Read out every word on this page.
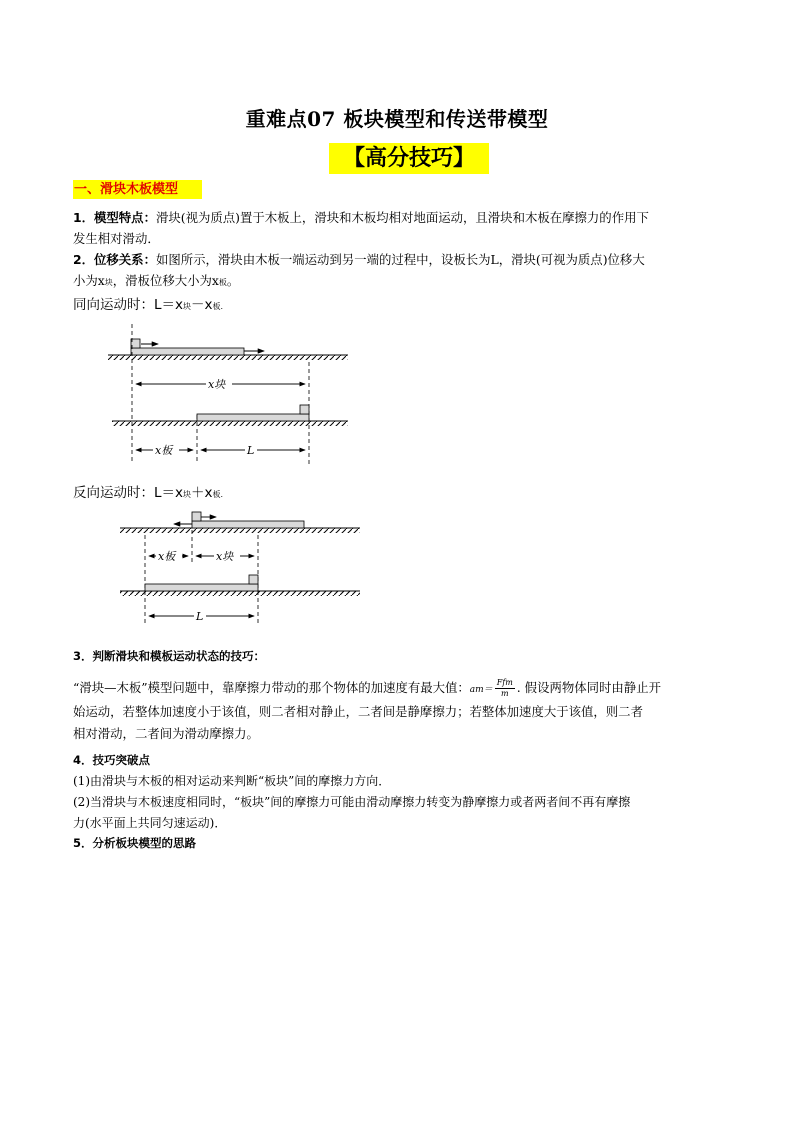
重难点07 板块模型和传送带模型
【高分技巧】
一、滑块木板模型
1．模型特点：滑块(视为质点)置于木板上，滑块和木板均相对地面运动，且滑块和木板在摩擦力的作用下
发生相对滑动．
2．位移关系：如图所示，滑块由木板一端运动到另一端的过程中，设板长为L，滑块(可视为质点)位移大
小为x块，滑板位移大小为x板。
同向运动时：L＝x块－x板.
x块
x板	L
反向运动时：L＝x块＋x板.
x板	x块
L
3．判断滑块和模板运动状态的技巧：
“滑块—木板”模型问题中，靠摩擦力带动的那个物体的加速度有最大值：$am= \frac{\text{Ffm}}{m}$ . 假设两物体同时由静止开
始运动，若整体加速度小于该值，则二者相对静止，二者间是静摩擦力；若整体加速度大于该值，则二者
相对滑动，二者间为滑动摩擦力。
4．技巧突破点
(1)由滑块与木板的相对运动来判断“板块”间的摩擦力方向．
(2)当滑块与木板速度相同时，“板块”间的摩擦力可能由滑动摩擦力转变为静摩擦力或者两者间不再有摩擦
力(水平面上共同匀速运动)．
5．分析板块模型的思路
